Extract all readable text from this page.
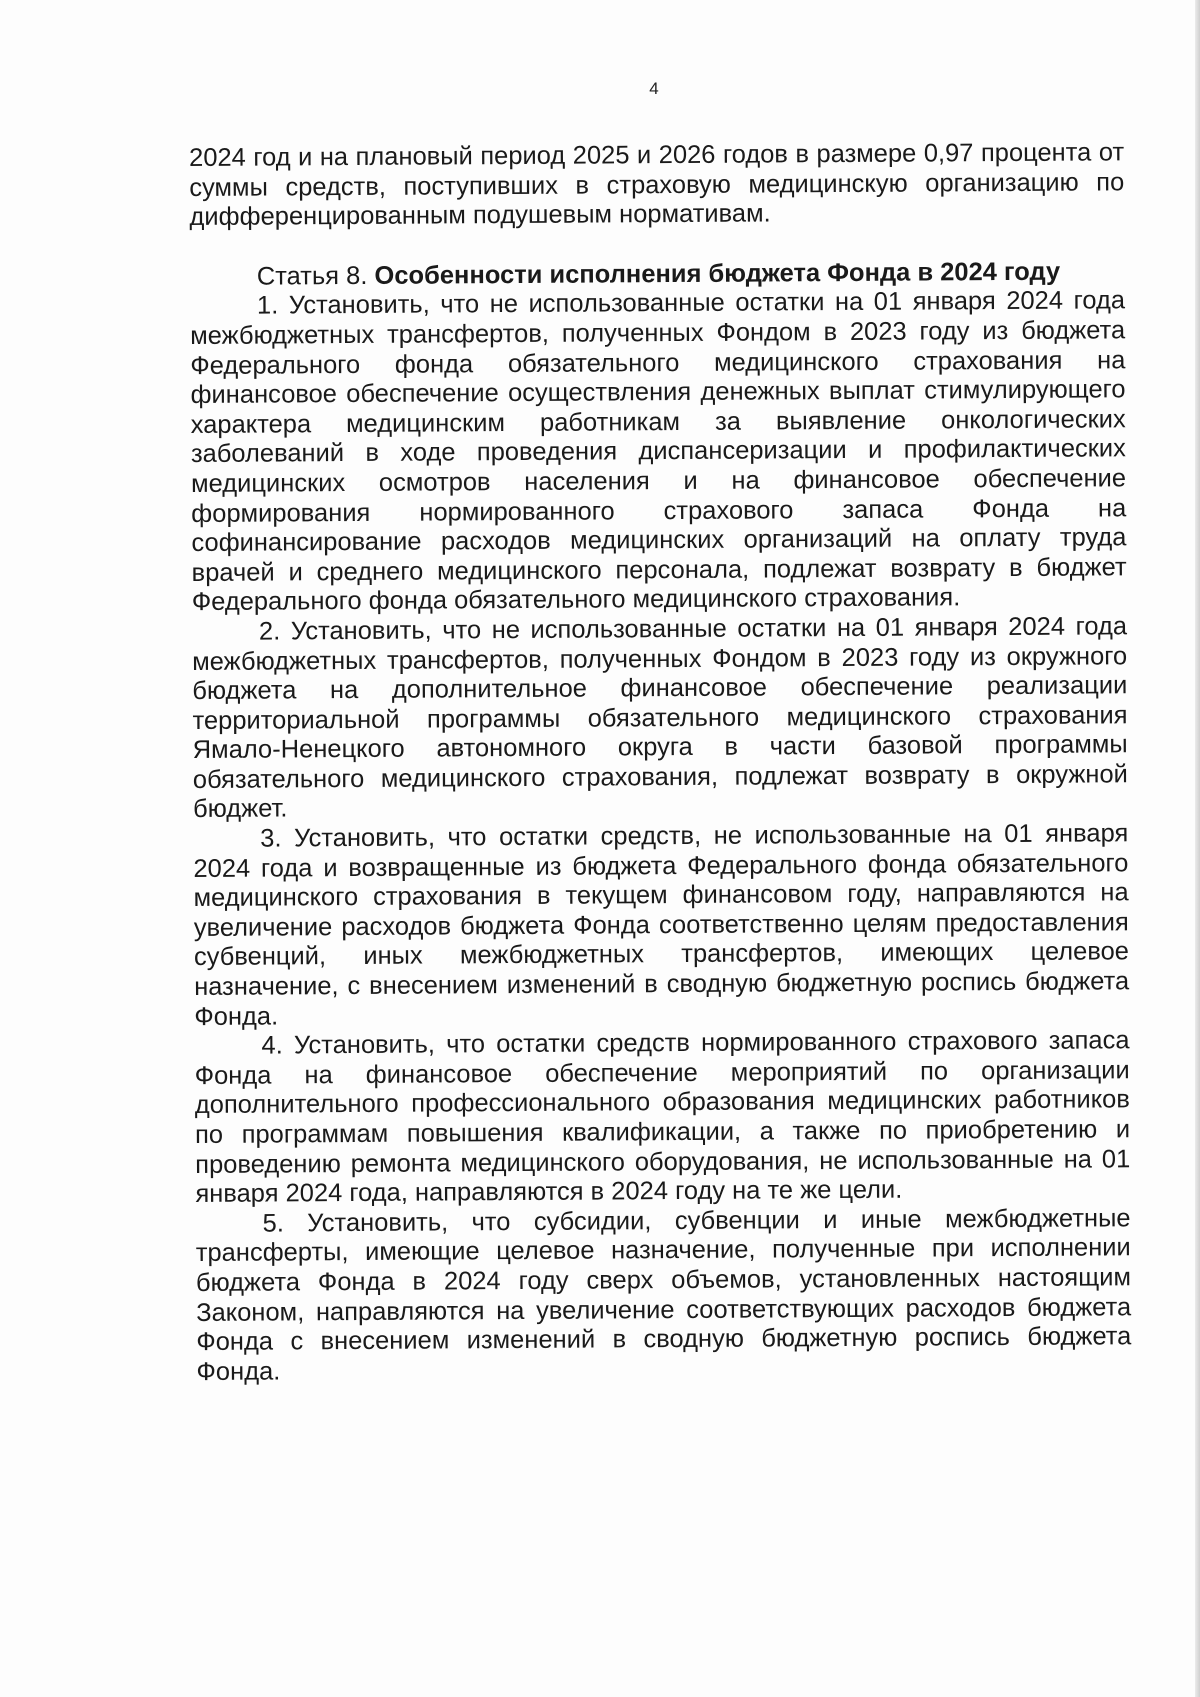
4

2024 год и на плановый период 2025 и 2026 годов в размере 0,97 процента от суммы средств, поступивших в страховую медицинскую организацию по дифференцированным подушевым нормативам.

Статья 8. Особенности исполнения бюджета Фонда в 2024 году

1. Установить, что не использованные остатки на 01 января 2024 года межбюджетных трансфертов, полученных Фондом в 2023 году из бюджета Федерального фонда обязательного медицинского страхования на финансовое обеспечение осуществления денежных выплат стимулирующего характера медицинским работникам за выявление онкологических заболеваний в ходе проведения диспансеризации и профилактических медицинских осмотров населения и на финансовое обеспечение формирования нормированного страхового запаса Фонда на софинансирование расходов медицинских организаций на оплату труда врачей и среднего медицинского персонала, подлежат возврату в бюджет Федерального фонда обязательного медицинского страхования.

2. Установить, что не использованные остатки на 01 января 2024 года межбюджетных трансфертов, полученных Фондом в 2023 году из окружного бюджета на дополнительное финансовое обеспечение реализации территориальной программы обязательного медицинского страхования Ямало-Ненецкого автономного округа в части базовой программы обязательного медицинского страхования, подлежат возврату в окружной бюджет.

3. Установить, что остатки средств, не использованные на 01 января 2024 года и возвращенные из бюджета Федерального фонда обязательного медицинского страхования в текущем финансовом году, направляются на увеличение расходов бюджета Фонда соответственно целям предоставления субвенций, иных межбюджетных трансфертов, имеющих целевое назначение, с внесением изменений в сводную бюджетную роспись бюджета Фонда.

4. Установить, что остатки средств нормированного страхового запаса Фонда на финансовое обеспечение мероприятий по организации дополнительного профессионального образования медицинских работников по программам повышения квалификации, а также по приобретению и проведению ремонта медицинского оборудования, не использованные на 01 января 2024 года, направляются в 2024 году на те же цели.

5. Установить, что субсидии, субвенции и иные межбюджетные трансферты, имеющие целевое назначение, полученные при исполнении бюджета Фонда в 2024 году сверх объемов, установленных настоящим Законом, направляются на увеличение соответствующих расходов бюджета Фонда с внесением изменений в сводную бюджетную роспись бюджета Фонда.
